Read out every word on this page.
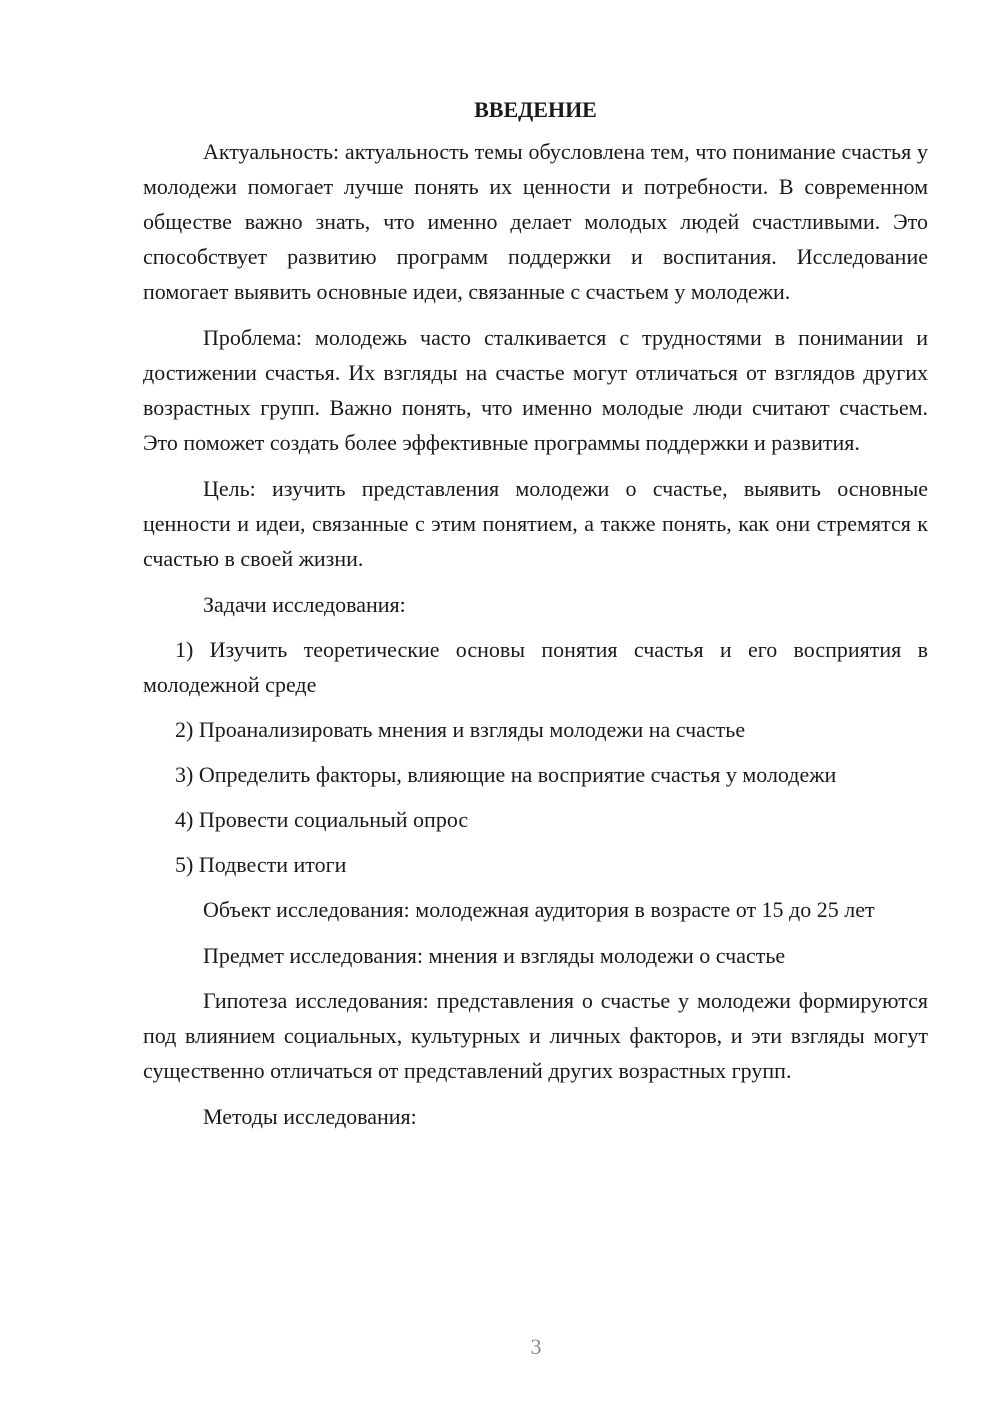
ВВЕДЕНИЕ
Актуальность: актуальность темы обусловлена тем, что понимание счастья у молодежи помогает лучше понять их ценности и потребности. В современном обществе важно знать, что именно делает молодых людей счастливыми. Это способствует развитию программ поддержки и воспитания. Исследование помогает выявить основные идеи, связанные с счастьем у молодежи.
Проблема: молодежь часто сталкивается с трудностями в понимании и достижении счастья. Их взгляды на счастье могут отличаться от взглядов других возрастных групп. Важно понять, что именно молодые люди считают счастьем. Это поможет создать более эффективные программы поддержки и развития.
Цель: изучить представления молодежи о счастье, выявить основные ценности и идеи, связанные с этим понятием, а также понять, как они стремятся к счастью в своей жизни.
Задачи исследования:
1) Изучить теоретические основы понятия счастья и его восприятия в молодежной среде
2) Проанализировать мнения и взгляды молодежи на счастье
3) Определить факторы, влияющие на восприятие счастья у молодежи
4) Провести социальный опрос
5) Подвести итоги
Объект исследования: молодежная аудитория в возрасте от 15 до 25 лет
Предмет исследования: мнения и взгляды молодежи о счастье
Гипотеза исследования: представления о счастье у молодежи формируются под влиянием социальных, культурных и личных факторов, и эти взгляды могут существенно отличаться от представлений других возрастных групп.
Методы исследования:
3
